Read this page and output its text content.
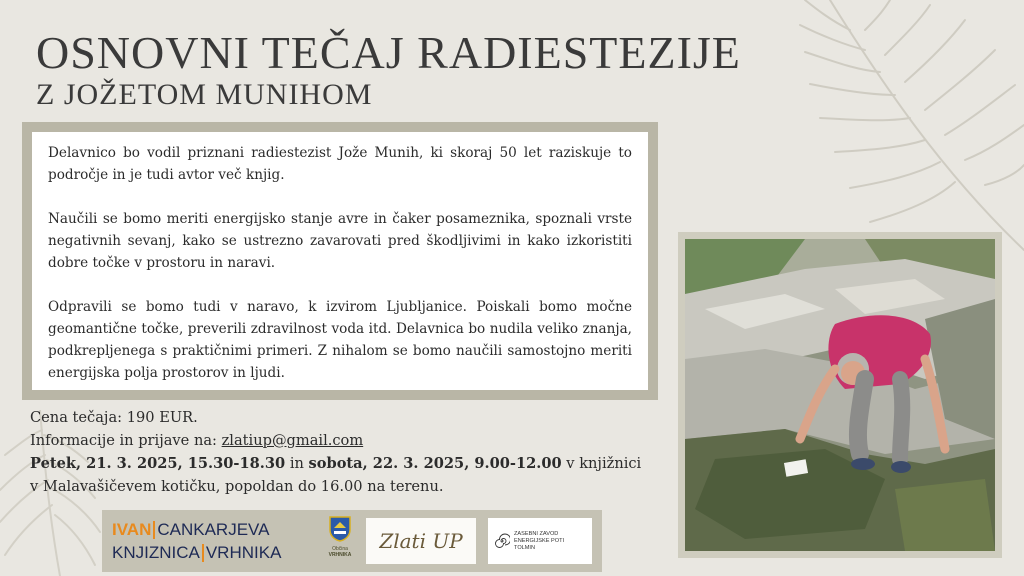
OSNOVNI TEČAJ RADIESTEZIJE
Z JOŽETOM MUNIHOM

Delavnico bo vodil priznani radiestezist Jože Munih, ki skoraj 50 let raziskuje to področje in je tudi avtor več knjig.

Naučili se bomo meriti energijsko stanje avre in čaker posameznika, spoznali vrste negativnih sevanj, kako se ustrezno zavarovati pred škodljivimi in kako izkoristiti dobre točke v prostoru in naravi.

Odpravili se bomo tudi v naravo, k izvirom Ljubljanice. Poiskali bomo močne geomantične točke, preverili zdravilnost voda itd. Delavnica bo nudila veliko znanja, podkrepljenega s praktičnimi primeri. Z nihalom se bomo naučili samostojno meriti energijska polja prostorov in ljudi.

Cena tečaja: 190 EUR.
Informacije in prijave na: zlatiup@gmail.com
Petek, 21. 3. 2025, 15.30-18.30 in sobota, 22. 3. 2025, 9.00-12.00 v knjižnici v Malavašičevem kotičku, popoldan do 16.00 na terenu.
IVAN CANKARJEVA
KNJIZNICA VRHNIKA	Občina
VRHNIKA
Zlati UP	ZASEBNI ZAVOD
ENERGIJSKE POTI
TOLMIN
